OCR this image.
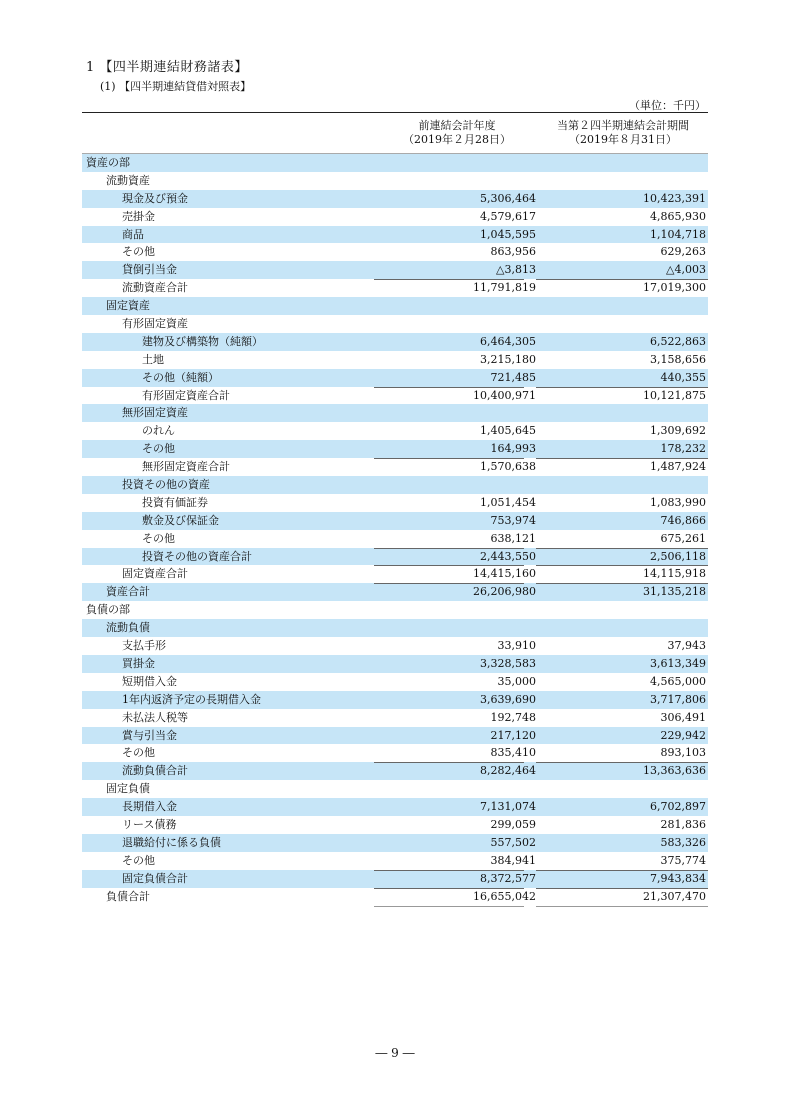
1 【四半期連結財務諸表】
(1) 【四半期連結貸借対照表】
（単位：千円）
前連結会計年度
（2019年２月28日）
当第２四半期連結会計期間
（2019年８月31日）
資産の部
流動資産
現金及び預金	5,306,464	10,423,391
売掛金	4,579,617	4,865,930
商品	1,045,595	1,104,718
その他	863,956	629,263
貸倒引当金	△3,813	△4,003
流動資産合計	11,791,819	17,019,300
固定資産
有形固定資産
建物及び構築物（純額）	6,464,305	6,522,863
土地	3,215,180	3,158,656
その他（純額）	721,485	440,355
有形固定資産合計	10,400,971	10,121,875
無形固定資産
のれん	1,405,645	1,309,692
その他	164,993	178,232
無形固定資産合計	1,570,638	1,487,924
投資その他の資産
投資有価証券	1,051,454	1,083,990
敷金及び保証金	753,974	746,866
その他	638,121	675,261
投資その他の資産合計	2,443,550	2,506,118
固定資産合計	14,415,160	14,115,918
資産合計	26,206,980	31,135,218
負債の部
流動負債
支払手形	33,910	37,943
買掛金	3,328,583	3,613,349
短期借入金	35,000	4,565,000
1年内返済予定の長期借入金	3,639,690	3,717,806
未払法人税等	192,748	306,491
賞与引当金	217,120	229,942
その他	835,410	893,103
流動負債合計	8,282,464	13,363,636
固定負債
長期借入金	7,131,074	6,702,897
リース債務	299,059	281,836
退職給付に係る負債	557,502	583,326
その他	384,941	375,774
固定負債合計	8,372,577	7,943,834
負債合計	16,655,042	21,307,470
― 9 ―
